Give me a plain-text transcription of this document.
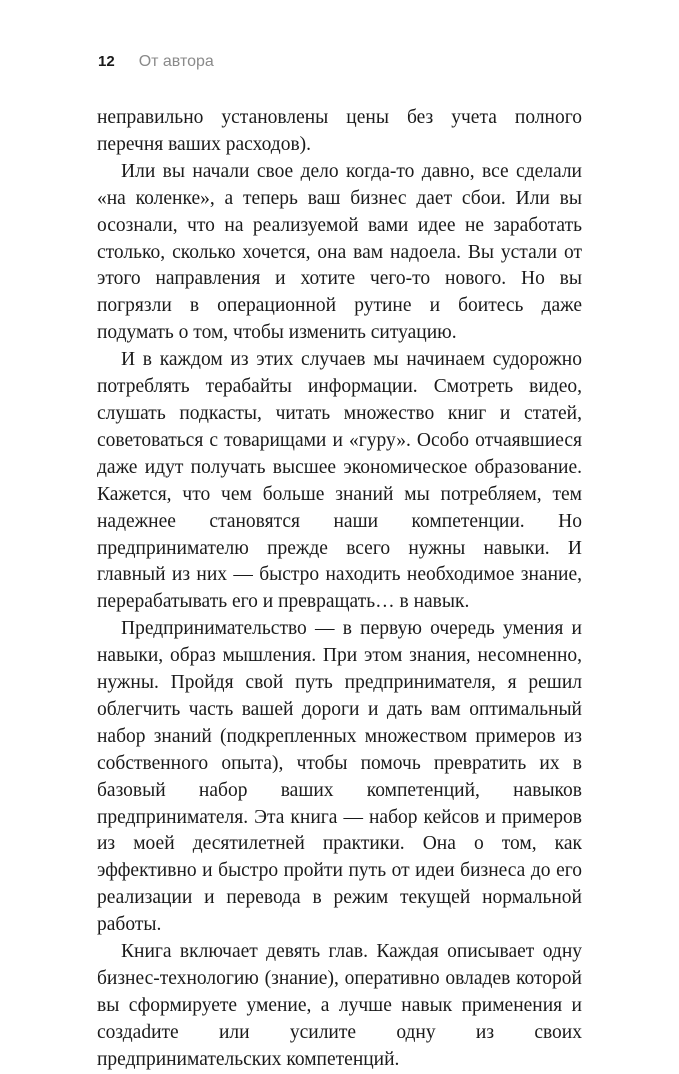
12 От автора

неправильно установлены цены без учета полного перечня ваших расходов).

Или вы начали свое дело когда-то давно, все сделали «на коленке», а теперь ваш бизнес дает сбои. Или вы осознали, что на реализуемой вами идее не заработать столько, сколько хочется, она вам надоела. Вы устали от этого направления и хотите чего-то нового. Но вы погрязли в операционной рутине и боитесь даже подумать о том, чтобы изменить ситуацию.

И в каждом из этих случаев мы начинаем судорожно потреблять терабайты информации. Смотреть видео, слушать подкасты, читать множество книг и статей, советоваться с товарищами и «гуру». Особо отчаявшиеся даже идут получать высшее экономическое образование. Кажется, что чем больше знаний мы потребляем, тем надежнее становятся наши компетенции. Но предпринимателю прежде всего нужны навыки. И главный из них — быстро находить необходимое знание, перерабатывать его и превращать… в навык.

Предпринимательство — в первую очередь умения и навыки, образ мышления. При этом знания, несомненно, нужны. Пройдя свой путь предпринимателя, я решил облегчить часть вашей дороги и дать вам оптимальный набор знаний (подкрепленных множеством примеров из собственного опыта), чтобы помочь превратить их в базовый набор ваших компетенций, навыков предпринимателя. Эта книга — набор кейсов и примеров из моей десятилетней практики. Она о том, как эффективно и быстро пройти путь от идеи бизнеса до его реализации и перевода в режим текущей нормальной работы.

Книга включает девять глав. Каждая описывает одну бизнес-технологию (знание), оперативно овладев которой вы сформируете умение, а лучше навык применения и создаdите или усилите одну из своих предпринимательских компетенций.
